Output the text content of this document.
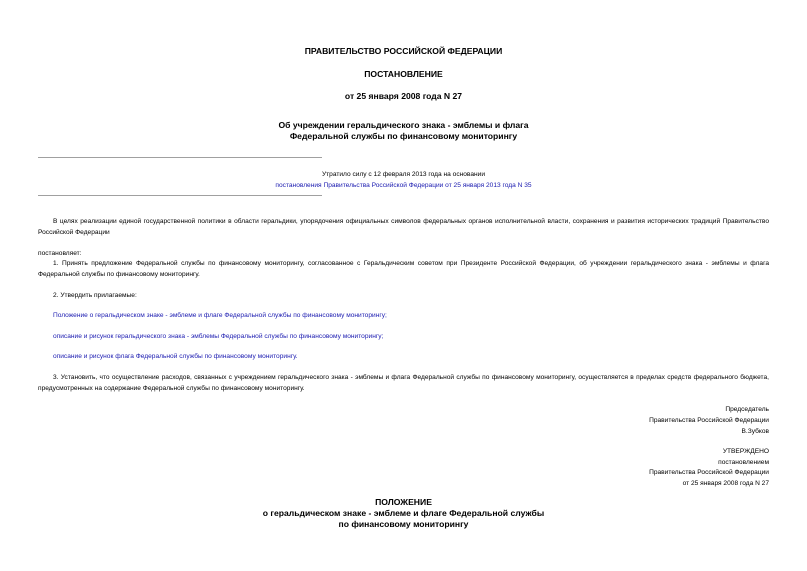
ПРАВИТЕЛЬСТВО РОССИЙСКОЙ ФЕДЕРАЦИИ
ПОСТАНОВЛЕНИЕ
от 25 января 2008 года N 27
Об учреждении геральдического знака - эмблемы и флага
Федеральной службы по финансовому мониторингу
Утратило силу с 12 февраля 2013 года на основании
постановления Правительства Российской Федерации от 25 января 2013 года N 35
В целях реализации единой государственной политики в области геральдики, упорядочения официальных символов федеральных органов исполнительной власти, сохранения и развития исторических традиций Правительство Российской Федерации
постановляет:
1. Принять предложение Федеральной службы по финансовому мониторингу, согласованное с Геральдическим советом при Президенте Российской Федерации, об учреждении геральдического знака - эмблемы и флага Федеральной службы по финансовому мониторингу.
2. Утвердить прилагаемые:
Положение о геральдическом знаке - эмблеме и флаге Федеральной службы по финансовому мониторингу;
описание и рисунок геральдического знака - эмблемы Федеральной службы по финансовому мониторингу;
описание и рисунок флага Федеральной службы по финансовому мониторингу.
3. Установить, что осуществление расходов, связанных с учреждением геральдического знака - эмблемы и флага Федеральной службы по финансовому мониторингу, осуществляется в пределах средств федерального бюджета, предусмотренных на содержание Федеральной службы по финансовому мониторингу.
Председатель
Правительства Российской Федерации
В.Зубков
УТВЕРЖДЕНО
постановлением
Правительства Российской Федерации
от 25 января 2008 года N 27
ПОЛОЖЕНИЕ
о геральдическом знаке - эмблеме и флаге Федеральной службы
по финансовому мониторингу
